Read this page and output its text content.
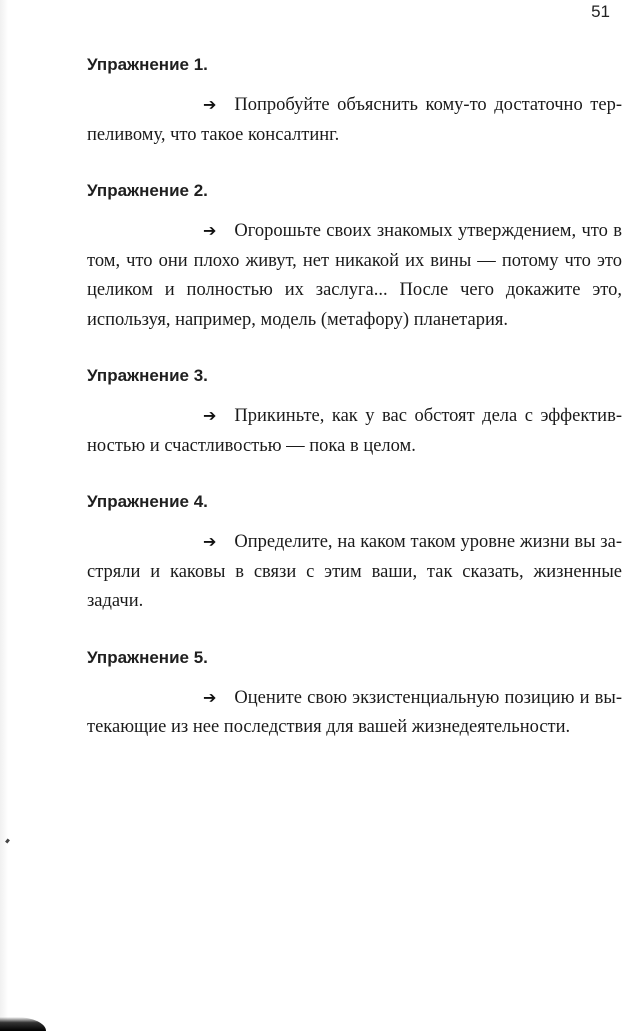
51
Упражнение 1.

➔ Попробуйте объяснить кому-то достаточно терпеливому, что такое консалтинг.

Упражнение 2.

➔ Огорошьте своих знакомых утверждением, что в том, что они плохо живут, нет никакой их вины — потому что это целиком и полностью их заслуга... После чего докажите это, используя, например, модель (метафору) планетария.

Упражнение 3.

➔ Прикиньте, как у вас обстоят дела с эффективностью и счастливостью — пока в целом.

Упражнение 4.

➔ Определите, на каком таком уровне жизни вы застряли и каковы в связи с этим ваши, так сказать, жизненные задачи.

Упражнение 5.

➔ Оцените свою экзистенциальную позицию и вытекающие из нее последствия для вашей жизнедеятельности.
